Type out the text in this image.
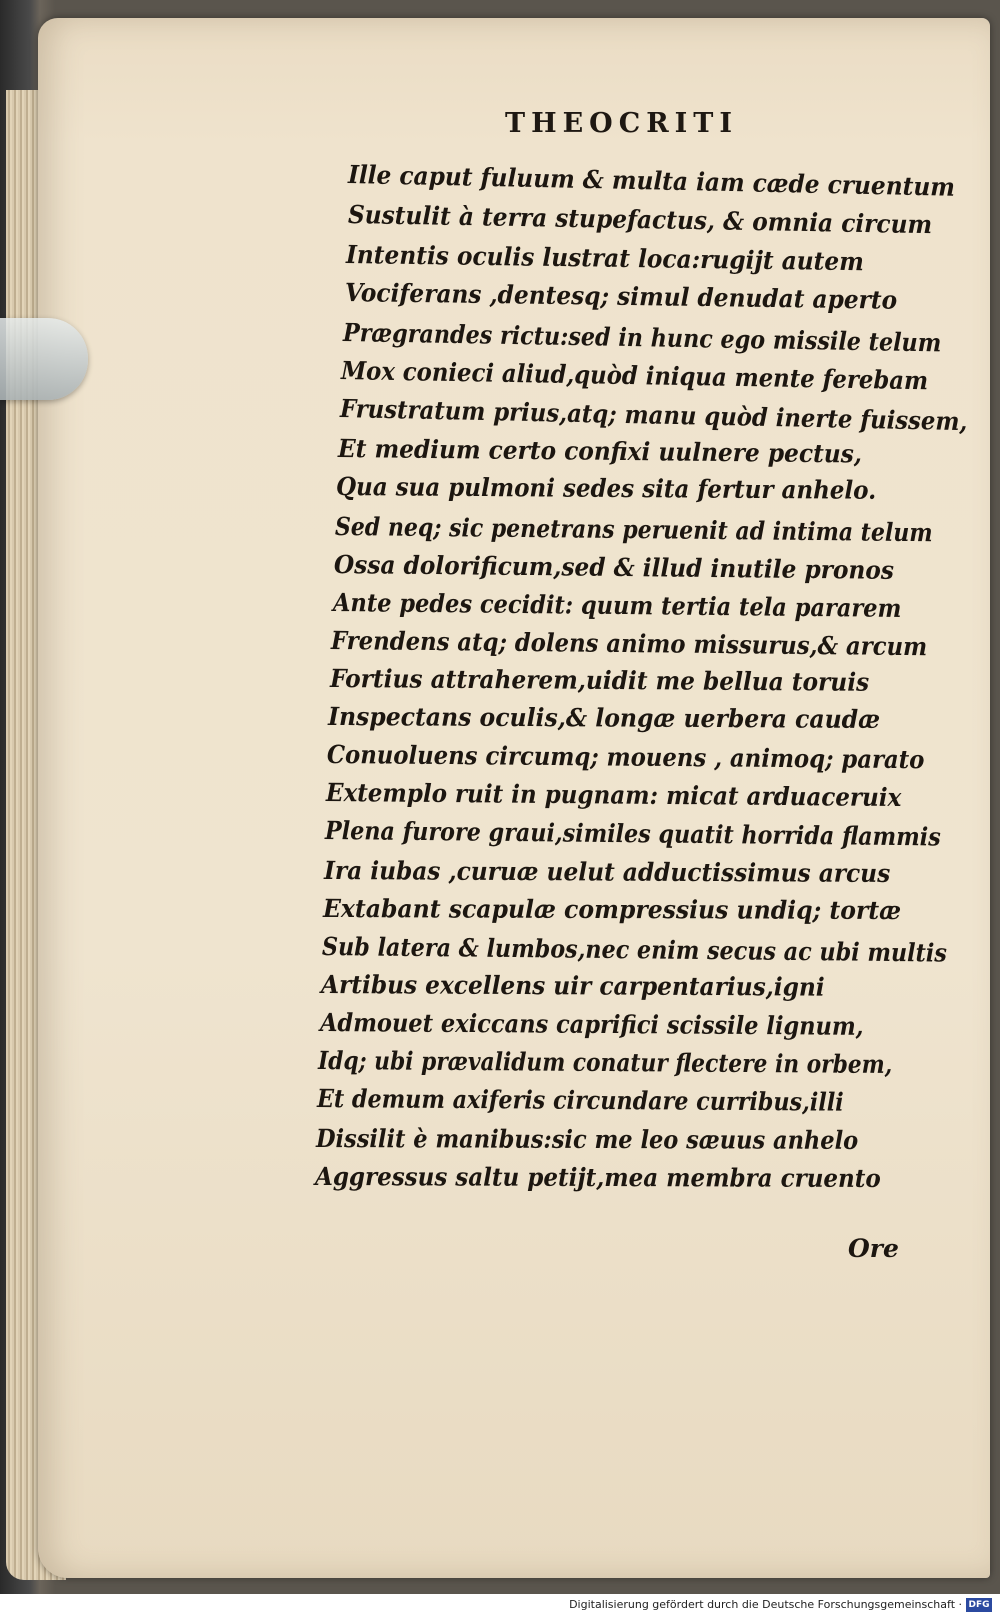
THEOCRITI
Ille caput fuluum & multa iam cæde cruentum
Sustulit à terra stupefactus, & omnia circum
Intentis oculis lustrat loca:rugijt autem
Vociferans ,dentesq; simul denudat aperto
Prægrandes rictu:sed in hunc ego missile telum
Mox conieci aliud,quòd iniqua mente ferebam
Frustratum prius,atq; manu quòd inerte fuissem,
Et medium certo confixi uulnere pectus,
Qua sua pulmoni sedes sita fertur anhelo.
Sed neq; sic penetrans peruenit ad intima telum
Ossa dolorificum,sed & illud inutile pronos
Ante pedes cecidit: quum tertia tela pararem
Frendens atq; dolens animo missurus,& arcum
Fortius attraherem,uidit me bellua toruis
Inspectans oculis,& longæ uerbera caudæ
Conuoluens circumq; mouens , animoq; parato
Extemplo ruit in pugnam: micat arduaceruix
Plena furore graui,similes quatit horrida flammis
Ira iubas ,curuæ uelut adductissimus arcus
Extabant scapulæ compressius undiq; tortæ
Sub latera & lumbos,nec enim secus ac ubi multis
Artibus excellens uir carpentarius,igni
Admouet exiccans caprifici scissile lignum,
Idq; ubi prævalidum conatur flectere in orbem,
Et demum axiferis circundare curribus,illi
Dissilit è manibus:sic me leo sæuus anhelo
Aggressus saltu petijt,mea membra cruento
Ore
Digitalisierung gefördert durch die Deutsche Forschungsgemeinschaft · DFG
